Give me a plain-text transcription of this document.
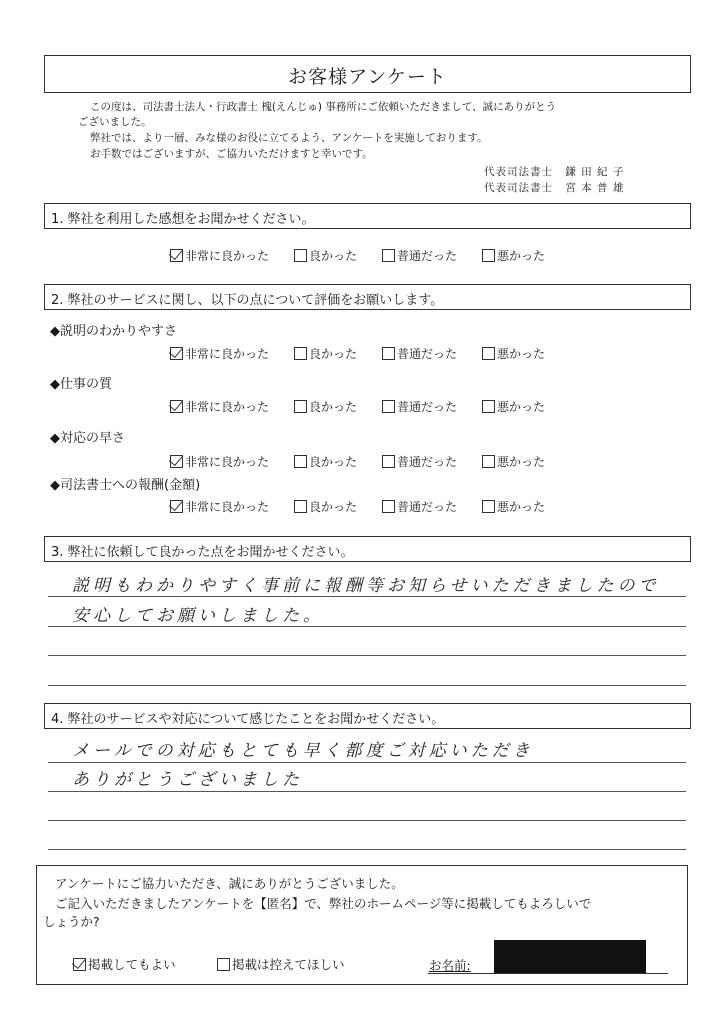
お客様アンケート
この度は、司法書士法人・行政書士 槐(えんじゅ) 事務所にご依頼いただきまして、誠にありがとう
ございました。
弊社では、より一層、みな様のお役に立てるよう、アンケートを実施しております。
お手数ではございますが、ご協力いただけますと幸いです。
代表司法書士 鎌 田 紀 子
代表司法書士 宮 本 普 雄
1. 弊社を利用した感想をお聞かせください。
非常に良かった	良かった	普通だった	悪かった
2. 弊社のサービスに関し、以下の点について評価をお願いします。
◆説明のわかりやすさ
非常に良かった	良かった	普通だった	悪かった
◆仕事の質
非常に良かった	良かった	普通だった	悪かった
◆対応の早さ
非常に良かった	良かった	普通だった	悪かった
◆司法書士への報酬(金額)
非常に良かった	良かった	普通だった	悪かった
3. 弊社に依頼して良かった点をお聞かせください。
説明もわかりやすく事前に報酬等お知らせいただきましたので
安心してお願いしました。
4. 弊社のサービスや対応について感じたことをお聞かせください。
メールでの対応もとても早く都度ご対応いただき
ありがとうございました
アンケートにご協力いただき、誠にありがとうございました。
ご記入いただきましたアンケートを【匿名】で、弊社のホームページ等に掲載してもよろしいで
しょうか?
掲載してもよい	掲載は控えてほしい	お名前:
